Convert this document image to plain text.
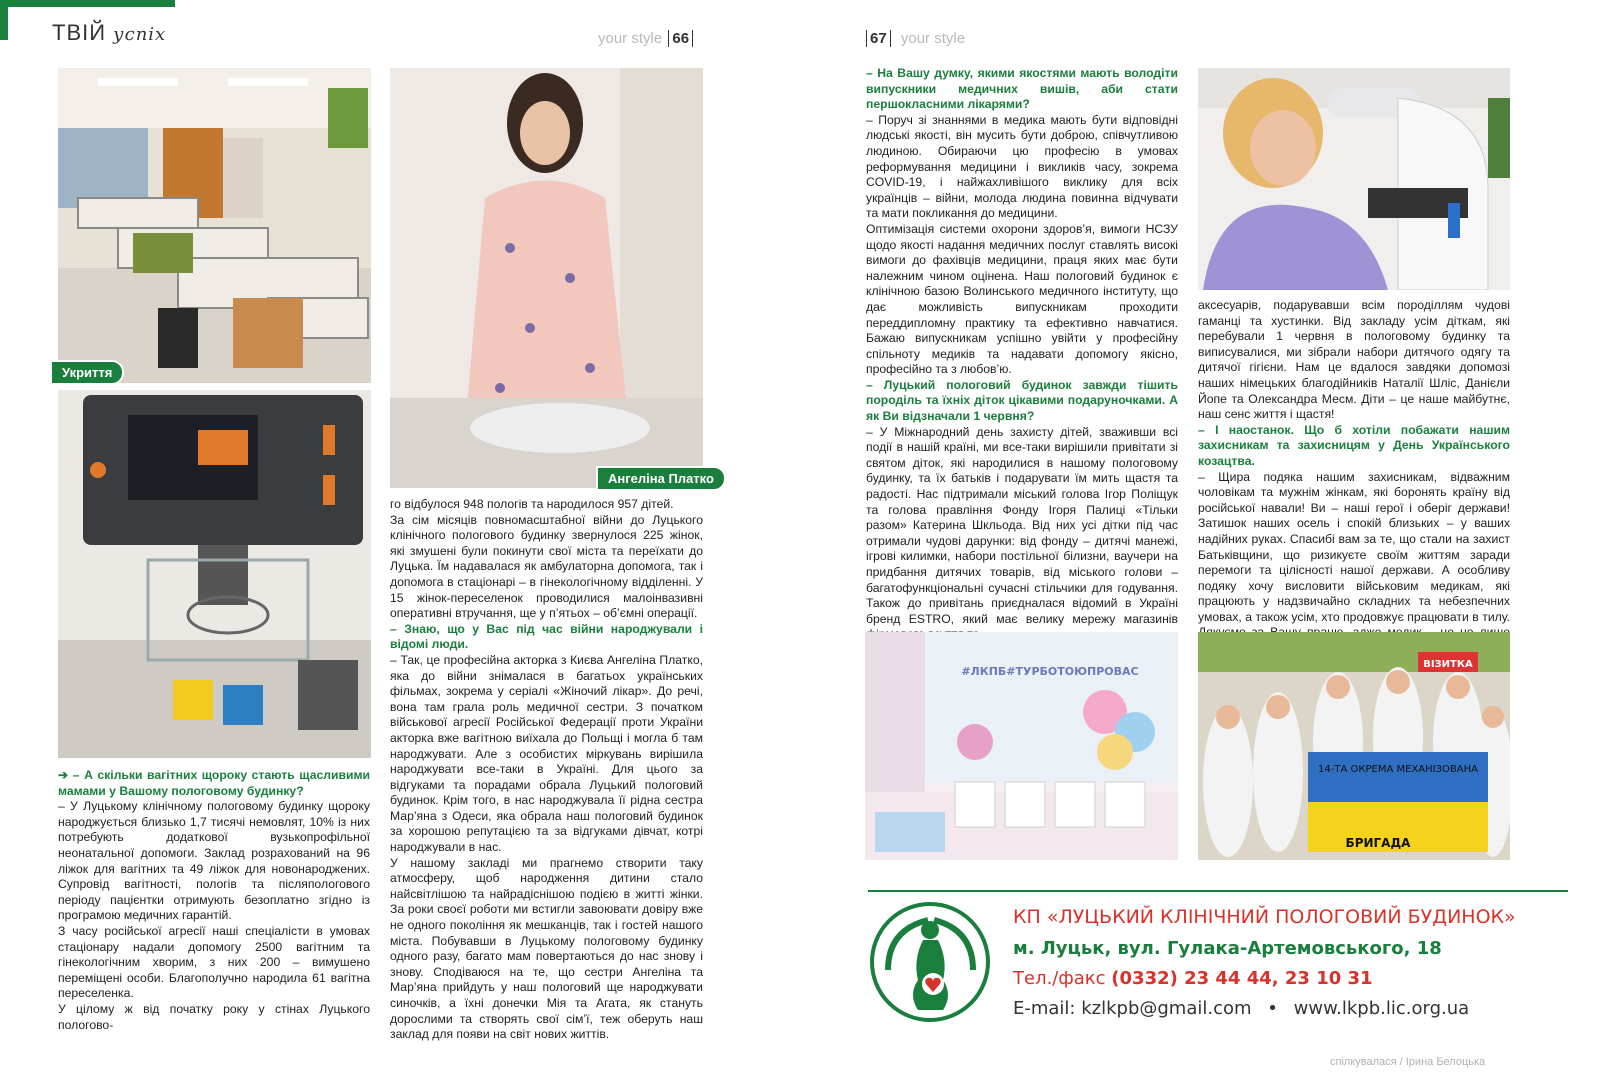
ТВІЙ успіх	your style 66	67 your style
Укриття

➔ – А скільки вагітних щороку стають щасливими мамами у Вашому пологовому будинку?

– У Луцькому клінічному пологовому будинку щороку народжується близько 1,7 тисячі немовлят, 10% із них потребують додаткової вузькопрофільної неонатальної допомоги. Заклад розрахований на 96 ліжок для вагітних та 49 ліжок для новонароджених. Супровід вагітності, пологів та післяпологового періоду пацієнтки отримують безоплатно згідно із програмою медичних гарантій.

З часу російської агресії наші спеціалісти в умовах стаціонару надали допомогу 2500 вагітним та гінекологічним хворим, з них 200 – вимушено переміщені особи. Благополучно народила 61 вагітна переселенка.

У цілому ж від початку року у стінах Луцького пологово-

Ангеліна Платко

го відбулося 948 пологів та народилося 957 дітей.

За сім місяців повномасштабної війни до Луцького клінічного пологового будинку звернулося 225 жінок, які змушені були покинути свої міста та переїхати до Луцька. Їм надавалася як амбулаторна допомога, так і допомога в стаціонарі – в гінекологічному відділенні. У 15 жінок-переселенок проводилися малоінвазивні оперативні втручання, ще у п’ятьох – об’ємні операції.

– Знаю, що у Вас під час війни народжували і відомі люди.

– Так, це професійна акторка з Києва Ангеліна Платко, яка до війни знімалася в багатьох українських фільмах, зокрема у серіалі «Жіночий лікар». До речі, вона там грала роль медичної сестри. З початком військової агресії Російської Федерації проти України акторка вже вагітною виїхала до Польщі і могла б там народжувати. Але з особистих міркувань вирішила народжувати все-таки в Україні. Для цього за відгуками та порадами обрала Луцький пологовий будинок. Крім того, в нас народжувала її рідна сестра Мар’яна з Одеси, яка обрала наш пологовий будинок за хорошою репутацією та за відгуками дівчат, котрі народжували в нас.

У нашому закладі ми прагнемо створити таку атмосферу, щоб народження дитини стало найсвітлішою та найрадіснішою подією в житті жінки. За роки своєї роботи ми встигли завоювати довіру вже не одного покоління як мешканців, так і гостей нашого міста. Побувавши в Луцькому пологовому будинку одного разу, багато мам повертаються до нас знову і знову. Сподіваюся на те, що сестри Ангеліна та Мар’яна прийдуть у наш пологовий ще народжувати синочків, а їхні донечки Мія та Агата, як стануть дорослими та створять свої сім’ї, теж оберуть наш заклад для появи на світ нових життів.

– На Вашу думку, якими якостями мають володіти випускники медичних вишів, аби стати першокласними лікарями?

– Поруч зі знаннями в медика мають бути відповідні людські якості, він мусить бути доброю, співчутливою людиною. Обираючи цю професію в умовах реформування медицини і викликів часу, зокрема COVID-19, і найжахливішого виклику для всіх українців – війни, молода людина повинна відчувати та мати покликання до медицини.

Оптимізація системи охорони здоров’я, вимоги НСЗУ щодо якості надання медичних послуг ставлять високі вимоги до фахівців медицини, праця яких має бути належним чином оцінена. Наш пологовий будинок є клінічною базою Волинського медичного інституту, що дає можливість випускникам проходити переддипломну практику та ефективно навчатися. Бажаю випускникам успішно увійти у професійну спільноту медиків та надавати допомогу якісно, професійно та з любов’ю.

– Луцький пологовий будинок завжди тішить породіль та їхніх діток цікавими подаруночками. А як Ви відзначали 1 червня?

– У Міжнародний день захисту дітей, зваживши всі події в нашій країні, ми все-таки вирішили привітати зі святом діток, які народилися в нашому пологовому будинку, та їх батьків і подарувати їм мить щастя та радості. Нас підтримали міський голова Ігор Поліщук та голова правління Фонду Ігоря Палиці «Тільки разом» Катерина Шкльода. Від них усі дітки під час отримали чудові дарунки: від фонду – дитячі манежі, ігрові килимки, набори постільної білизни, ваучери на придбання дитячих товарів, від міського голови – багатофункціональні сучасні стільчики для годування. Також до привітань приєдналася відомий в Україні бренд ESTRO, який має велику мережу магазинів

аксесуарів, подарувавши всім породіллям чудові гаманці та хустинки. Від закладу усім діткам, які перебували 1 червня в пологовому будинку та виписувалися, ми зібрали набори дитячого одягу та дитячої гігієни. Нам це вдалося завдяки допомозі наших німецьких благодійників Наталії Шліс, Данієли Йопе та Олександра Месм. Діти – це наше майбутнє, наш сенс життя і щастя!

– І наостанок. Що б хотіли побажати нашим захисникам та захисницям у День Українського козацтва.

– Щира подяка нашим захисникам, відважним чоловікам та мужнім жінкам, які боронять країну від російської навали! Ви – наші герої і оберіг держави! Затишок наших осель і спокій близьких – у ваших надійних руках. Спасибі вам за те, що стали на захист Батьківщини, що ризикуєте своїм життям заради перемоги та цілісності нашої держави. А особливу подяку хочу висловити військовим медикам, які працюють у надзвичайно складних та небезпечних умовах, а також усім, хто продовжує працювати в тилу.

#ЛКПБ#ТУРБОТОЮПРОВАС
ВІЗИТКА
14-ТА ОКРЕМА МЕХАНІЗОВАНА
БРИГАДА
КП «ЛУЦЬКИЙ КЛІНІЧНИЙ ПОЛОГОВИЙ БУДИНОК»
м. Луцьк, вул. Гулака-Артемовського, 18
Тел./факс (0332) 23 44 44, 23 10 31
E-mail: kzlkpb@gmail.com • www.lkpb.lic.org.ua
спілкувалася / Ірина Белоцька
